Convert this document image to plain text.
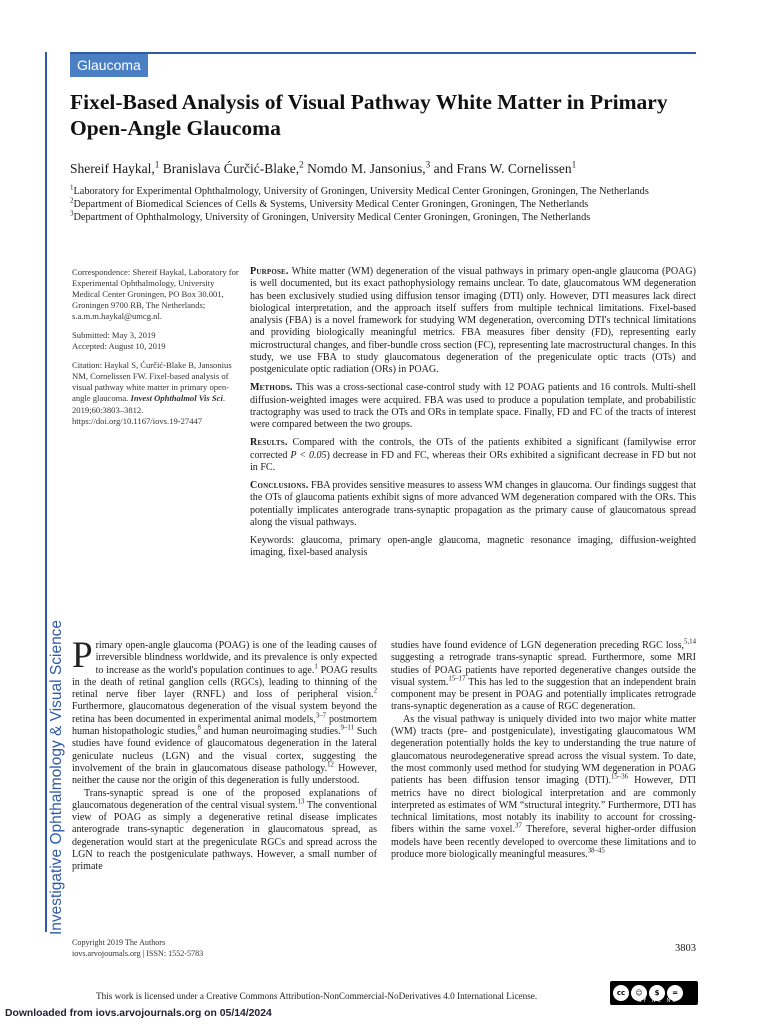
Investigative Ophthalmology & Visual Science
Glaucoma
Fixel-Based Analysis of Visual Pathway White Matter in Primary Open-Angle Glaucoma
Shereif Haykal,$^1$ Branislava Ćurčić-Blake,$^2$ Nomdo M. Jansonius,$^3$ and Frans W. Cornelissen$^1$
$^1$Laboratory for Experimental Ophthalmology, University of Groningen, University Medical Center Groningen, Groningen, The Netherlands
$^2$Department of Biomedical Sciences of Cells & Systems, University Medical Center Groningen, Groningen, The Netherlands
$^3$Department of Ophthalmology, University of Groningen, University Medical Center Groningen, Groningen, The Netherlands

Correspondence: Shereif Haykal, Laboratory for Experimental Ophthalmology, University Medical Center Groningen, PO Box 30.001, Groningen 9700 RB, The Netherlands;

s.a.m.m.haykal@umcg.nl.

Submitted: May 3, 2019

Accepted: August 10, 2019

Citation: Haykal S, Ćurčić-Blake B, Jansonius NM, Cornelissen FW. Fixel-based analysis of visual pathway white matter in primary open-angle glaucoma. Invest Ophthalmol Vis Sci. 2019;60:3803–3812. https://doi.org/10.1167/iovs.19-27447

Purpose. White matter (WM) degeneration of the visual pathways in primary open-angle glaucoma (POAG) is well documented, but its exact pathophysiology remains unclear. To date, glaucomatous WM degeneration has been exclusively studied using diffusion tensor imaging (DTI) only. However, DTI measures lack direct biological interpretation, and the approach itself suffers from multiple technical limitations. Fixel-based analysis (FBA) is a novel framework for studying WM degeneration, overcoming DTI's technical limitations and providing biologically meaningful metrics. FBA measures fiber density (FD), representing early microstructural changes, and fiber-bundle cross section (FC), representing late macrostructural changes. In this study, we use FBA to study glaucomatous degeneration of the pregeniculate optic tracts (OTs) and postgeniculate optic radiation (ORs) in POAG.

Methods. This was a cross-sectional case-control study with 12 POAG patients and 16 controls. Multi-shell diffusion-weighted images were acquired. FBA was used to produce a population template, and probabilistic tractography was used to track the OTs and ORs in template space. Finally, FD and FC of the tracts of interest were compared between the two groups.

Results. Compared with the controls, the OTs of the patients exhibited a significant (familywise error corrected P < 0.05) decrease in FD and FC, whereas their ORs exhibited a significant decrease in FD but not in FC.

Conclusions. FBA provides sensitive measures to assess WM changes in glaucoma. Our findings suggest that the OTs of glaucoma patients exhibit signs of more advanced WM degeneration compared with the ORs. This potentially implicates anterograde trans-synaptic propagation as the primary cause of glaucomatous spread along the visual pathways.

Keywords: glaucoma, primary open-angle glaucoma, magnetic resonance imaging, diffusion-weighted imaging, fixel-based analysis

Primary open-angle glaucoma (POAG) is one of the leading causes of irreversible blindness worldwide, and its prevalence is only expected to increase as the world's population continues to age.$^1$ POAG results in the death of retinal ganglion cells (RGCs), leading to thinning of the retinal nerve fiber layer (RNFL) and loss of peripheral vision.$^2$ Furthermore, glaucomatous degeneration of the visual system beyond the retina has been documented in experimental animal models,$^{3-7}$ postmortem human histopathologic studies,$^8$ and human neuroimaging studies.$^{9-11}$ Such studies have found evidence of glaucomatous degeneration in the lateral geniculate nucleus (LGN) and the visual cortex, suggesting the involvement of the brain in glaucomatous disease pathology.$^{12}$ However, neither the cause nor the origin of this degeneration is fully understood.

Trans-synaptic spread is one of the proposed explanations of glaucomatous degeneration of the central visual system.$^{13}$ The conventional view of POAG as simply a degenerative retinal disease implicates anterograde trans-synaptic degeneration in glaucomatous spread, as degeneration would start at the pregeniculate RGCs and spread across the LGN to reach the postgeniculate pathways. However, a small number of primate

studies have found evidence of LGN degeneration preceding RGC loss,$^{5,14}$ suggesting a retrograde trans-synaptic spread. Furthermore, some MRI studies of POAG patients have reported degenerative changes outside the visual system.$^{15-17}$ This has led to the suggestion that an independent brain component may be present in POAG and potentially implicates retrograde trans-synaptic degeneration as a cause of RGC degeneration.

As the visual pathway is uniquely divided into two major white matter (WM) tracts (pre- and postgeniculate), investigating glaucomatous WM degeneration potentially holds the key to understanding the true nature of glaucomatous neurodegenerative spread across the visual system. To date, the most commonly used method for studying WM degeneration in POAG patients has been diffusion tensor imaging (DTI).$^{15-36}$ However, DTI metrics have no direct biological interpretation and are commonly interpreted as estimates of WM “structural integrity.” Furthermore, DTI has technical limitations, most notably its inability to account for crossing-fibers within the same voxel.$^{37}$ Therefore, several higher-order diffusion models have been recently developed to overcome these limitations and to produce more biologically meaningful measures.$^{38-45}$

Copyright 2019 The Authors
iovs.arvojournals.org | ISSN: 1552-5783	3803
This work is licensed under a Creative Commons Attribution-NonCommercial-NoDerivatives 4.0 International License.	cc	☺	$	=
BY NC ND
Downloaded from iovs.arvojournals.org on 05/14/2024
